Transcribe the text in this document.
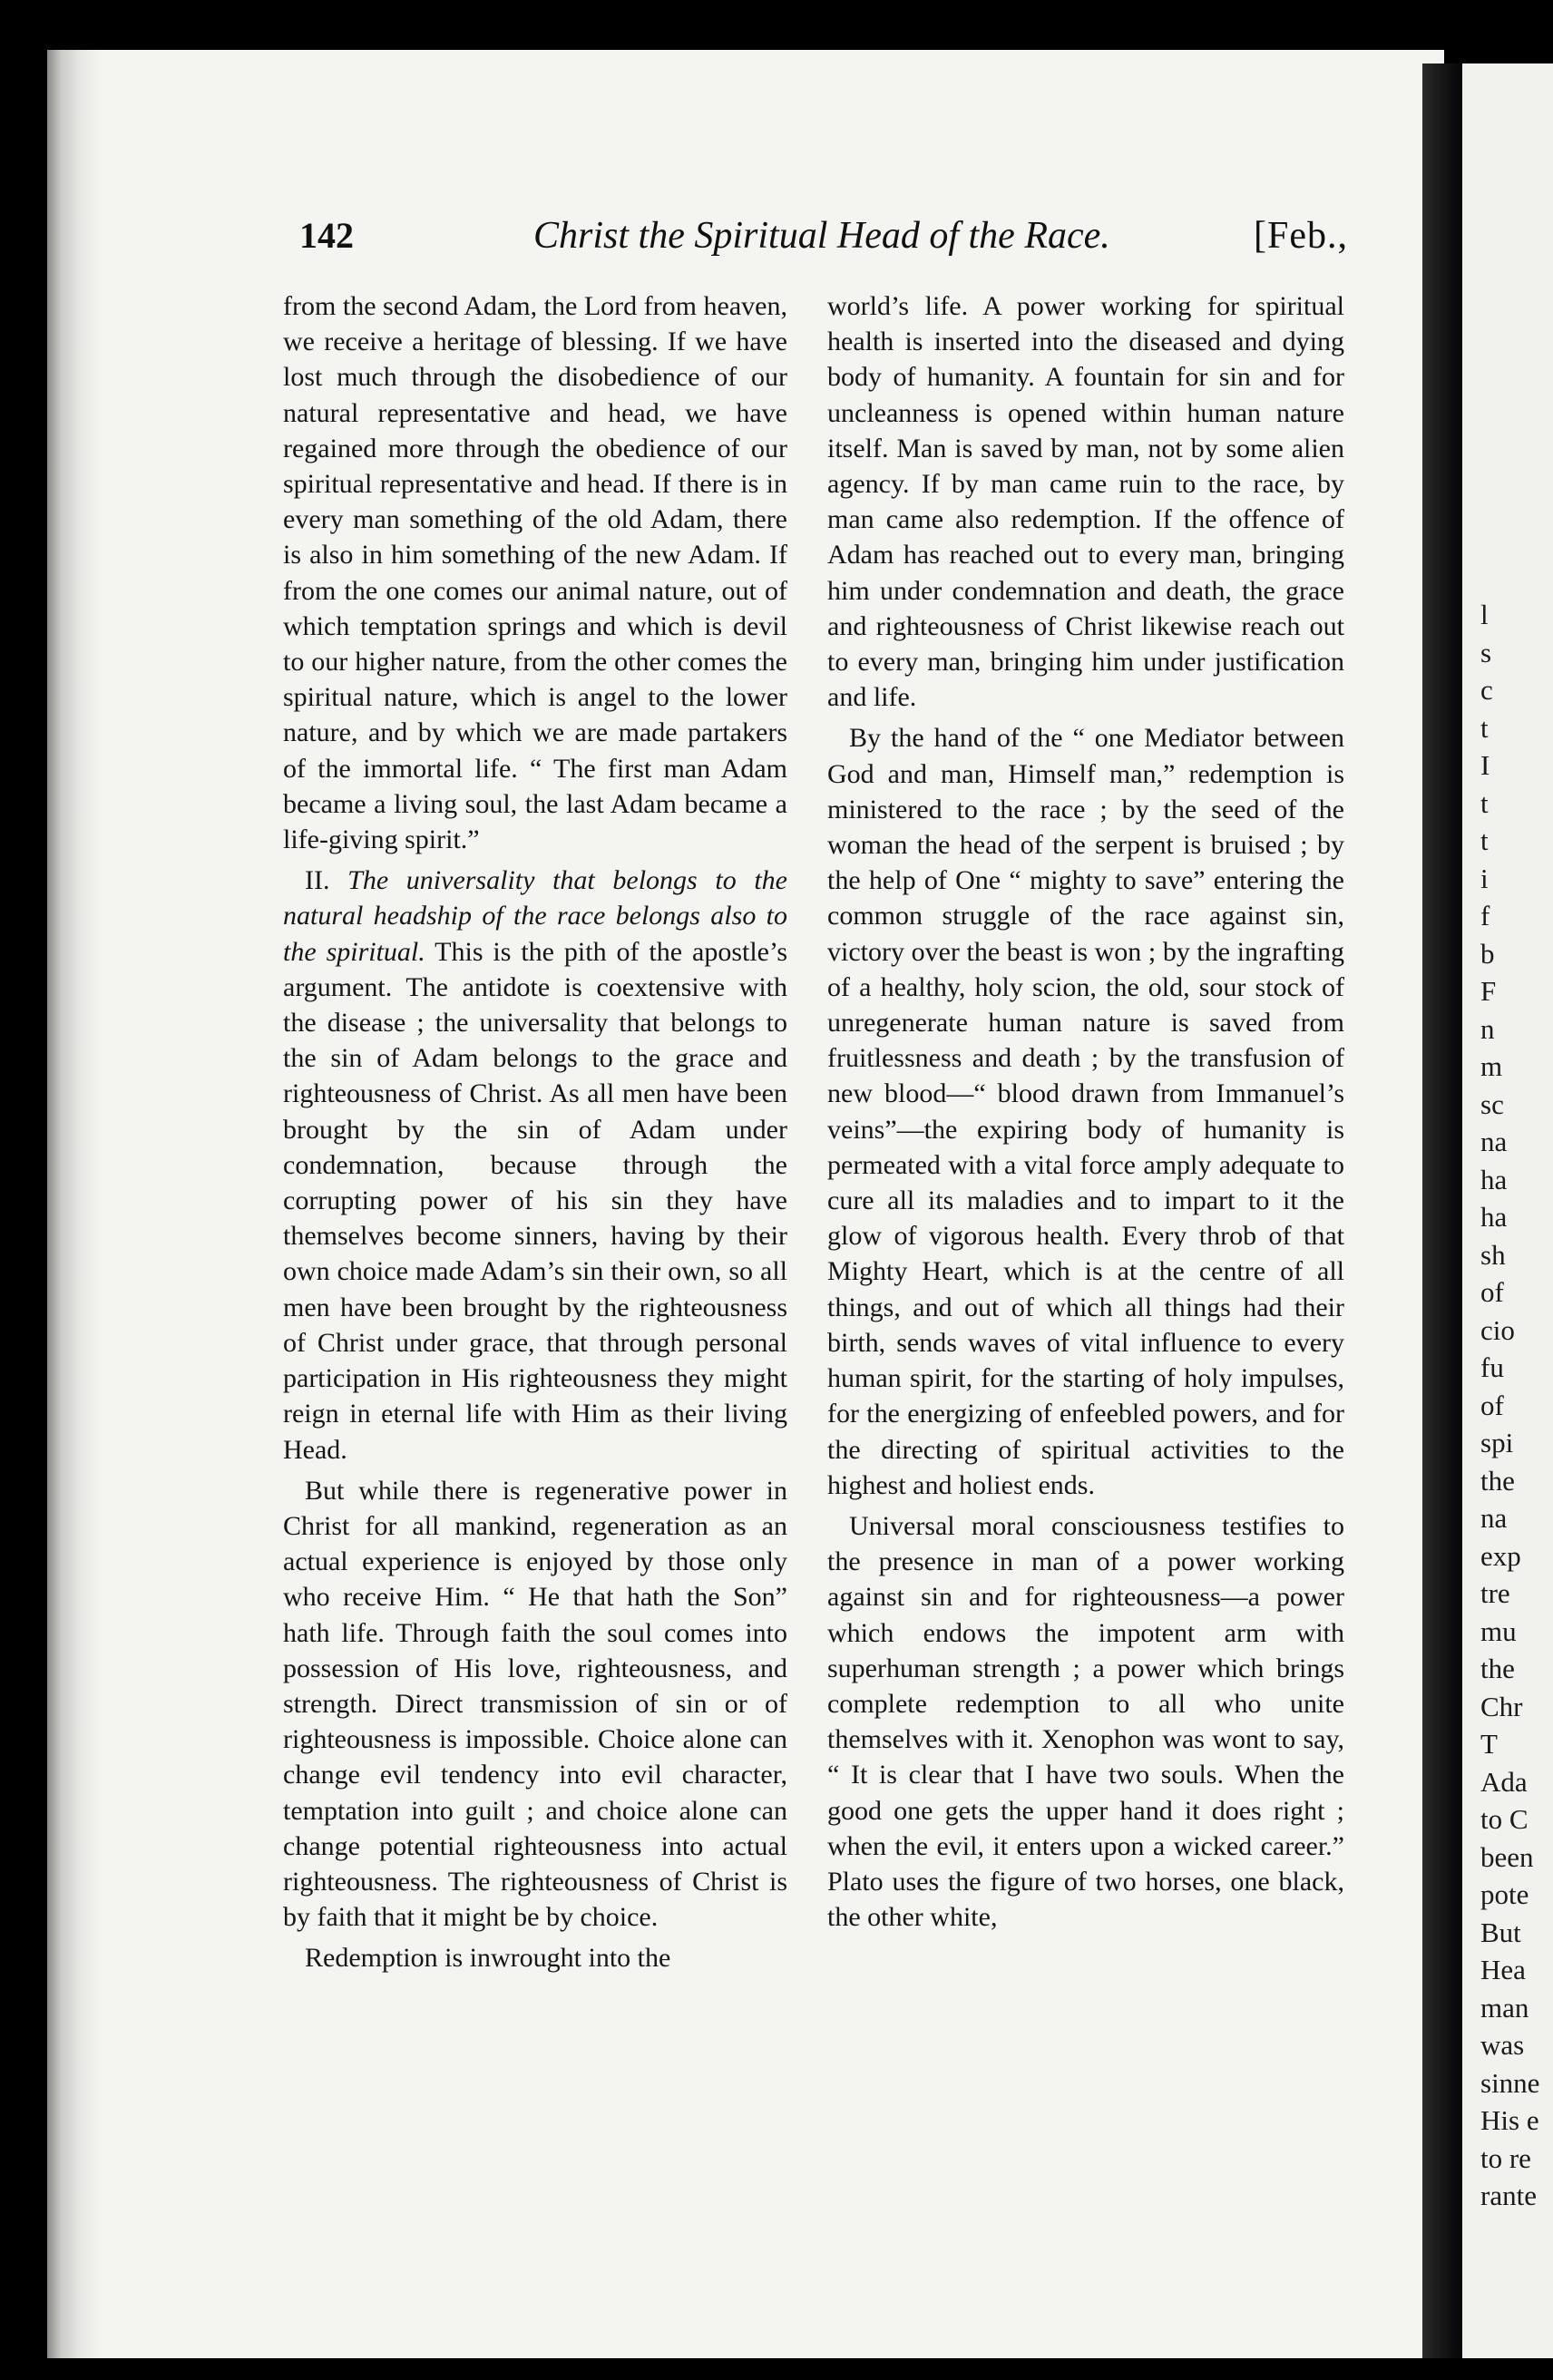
l
s
c
t
I
t
t
i
f
b
F
n
m
sc
na
ha
ha
sh
of
cio
fu
of
spi
the
na
exp
tre
mu
the
Chr
T
Ada
to C
been
pote
But
Hea
man
was
sinne
His e
to re
rante
142	Christ the Spiritual Head of the Race.	[Feb.,

from the second Adam, the Lord from heaven, we receive a heritage of blessing. If we have lost much through the disobedience of our natural representative and head, we have regained more through the obedience of our spiritual representative and head. If there is in every man something of the old Adam, there is also in him something of the new Adam. If from the one comes our animal nature, out of which temptation springs and which is devil to our higher nature, from the other comes the spiritual nature, which is angel to the lower nature, and by which we are made partakers of the immortal life. “ The first man Adam became a living soul, the last Adam became a life-giving spirit.”

II. The universality that belongs to the natural headship of the race belongs also to the spiritual. This is the pith of the apostle’s argument. The antidote is coextensive with the disease ; the universality that belongs to the sin of Adam belongs to the grace and righteousness of Christ. As all men have been brought by the sin of Adam under condemnation, because through the corrupting power of his sin they have themselves become sinners, having by their own choice made Adam’s sin their own, so all men have been brought by the righteousness of Christ under grace, that through personal participation in His righteousness they might reign in eternal life with Him as their living Head.

But while there is regenerative power in Christ for all mankind, regeneration as an actual experience is enjoyed by those only who receive Him. “ He that hath the Son” hath life. Through faith the soul comes into possession of His love, righteousness, and strength. Direct transmission of sin or of righteousness is impossible. Choice alone can change evil tendency into evil character, temptation into guilt ; and choice alone can change potential righteousness into actual righteousness. The righteousness of Christ is by faith that it might be by choice.

Redemption is inwrought into the

world’s life. A power working for spiritual health is inserted into the diseased and dying body of humanity. A fountain for sin and for uncleanness is opened within human nature itself. Man is saved by man, not by some alien agency. If by man came ruin to the race, by man came also redemption. If the offence of Adam has reached out to every man, bringing him under condemnation and death, the grace and righteousness of Christ likewise reach out to every man, bringing him under justification and life.

By the hand of the “ one Mediator between God and man, Himself man,” redemption is ministered to the race ; by the seed of the woman the head of the serpent is bruised ; by the help of One “ mighty to save” entering the common struggle of the race against sin, victory over the beast is won ; by the ingrafting of a healthy, holy scion, the old, sour stock of unregenerate human nature is saved from fruitlessness and death ; by the transfusion of new blood—“ blood drawn from Immanuel’s veins”—the expiring body of humanity is permeated with a vital force amply adequate to cure all its maladies and to impart to it the glow of vigorous health. Every throb of that Mighty Heart, which is at the centre of all things, and out of which all things had their birth, sends waves of vital influence to every human spirit, for the starting of holy impulses, for the energizing of enfeebled powers, and for the directing of spiritual activities to the highest and holiest ends.

Universal moral consciousness testifies to the presence in man of a power working against sin and for righteousness—a power which endows the impotent arm with superhuman strength ; a power which brings complete redemption to all who unite themselves with it. Xenophon was wont to say, “ It is clear that I have two souls. When the good one gets the upper hand it does right ; when the evil, it enters upon a wicked career.” Plato uses the figure of two horses, one black, the other white,
